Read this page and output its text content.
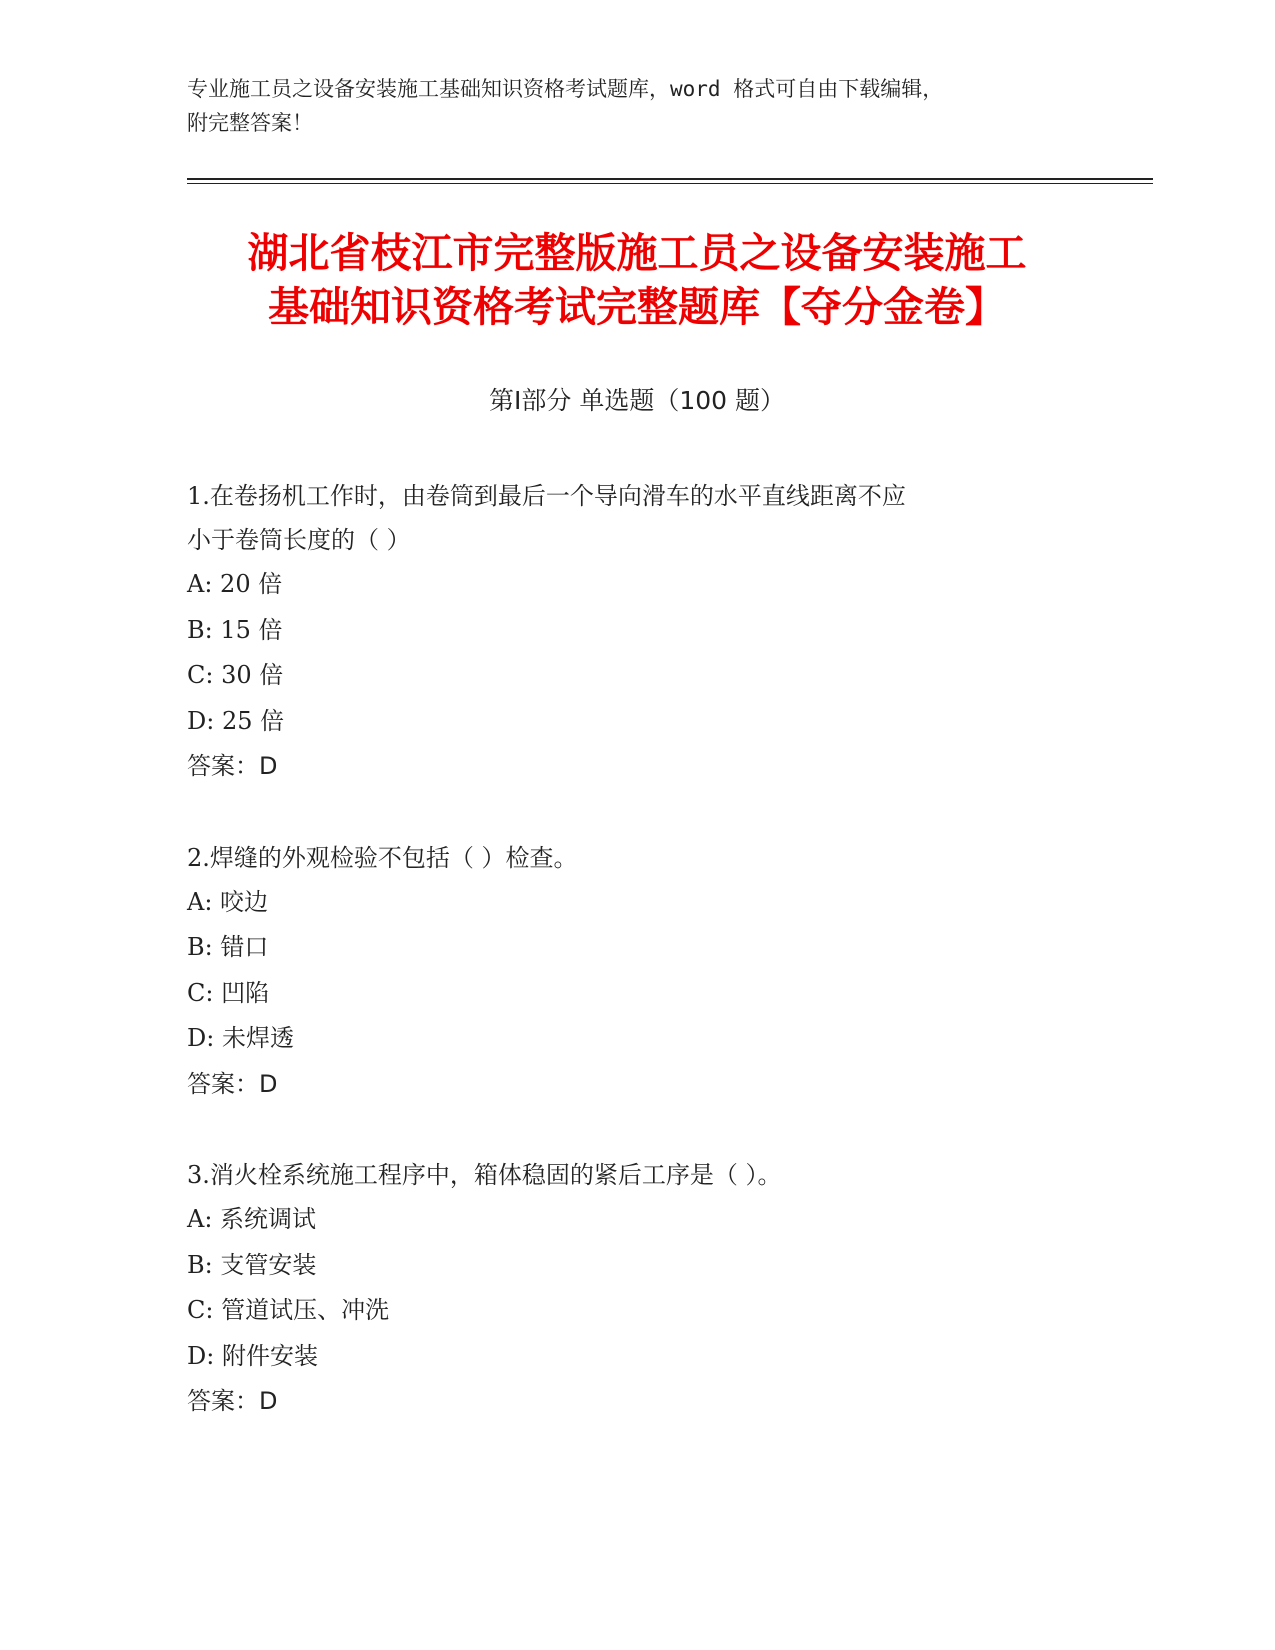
专业施工员之设备安装施工基础知识资格考试题库，word 格式可自由下载编辑，
附完整答案！
湖北省枝江市完整版施工员之设备安装施工
基础知识资格考试完整题库【夺分金卷】
第Ⅰ部分 单选题（100 题）

1.在卷扬机工作时，由卷筒到最后一个导向滑车的水平直线距离不应

小于卷筒长度的（ ）

A: 20 倍

B: 15 倍

C: 30 倍

D: 25 倍

答案：D

2.焊缝的外观检验不包括（ ）检查。

A: 咬边

B: 错口

C: 凹陷

D: 未焊透

答案：D

3.消火栓系统施工程序中，箱体稳固的紧后工序是（ ）。

A: 系统调试

B: 支管安装

C: 管道试压、冲洗

D: 附件安装

答案：D
